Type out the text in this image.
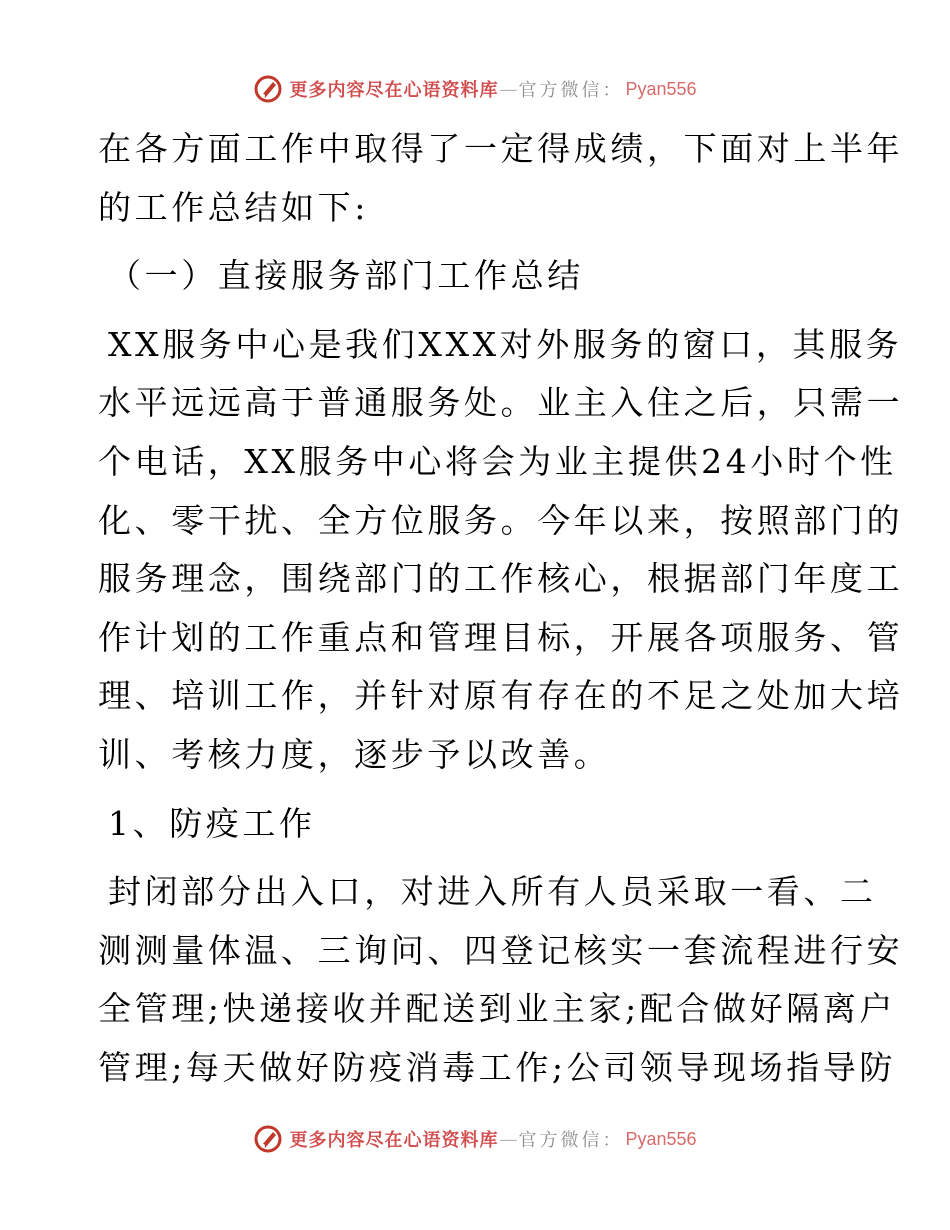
更多内容尽在心语资料库 — 官方微信： Pyan556
在各方面工作中取得了一定得成绩，下面对上半年
的工作总结如下:
（一）直接服务部门工作总结
XX服务中心是我们XXX对外服务的窗口，其服务
水平远远高于普通服务处。业主入住之后，只需一
个电话，XX服务中心将会为业主提供24小时个性
化、零干扰、全方位服务。今年以来，按照部门的
服务理念，围绕部门的工作核心，根据部门年度工
作计划的工作重点和管理目标，开展各项服务、管
理、培训工作，并针对原有存在的不足之处加大培
训、考核力度，逐步予以改善。
1、防疫工作
封闭部分出入口，对进入所有人员采取一看、二
测测量体温、三询问、四登记核实一套流程进行安
全管理;快递接收并配送到业主家;配合做好隔离户
管理;每天做好防疫消毒工作;公司领导现场指导防
更多内容尽在心语资料库 — 官方微信： Pyan556
